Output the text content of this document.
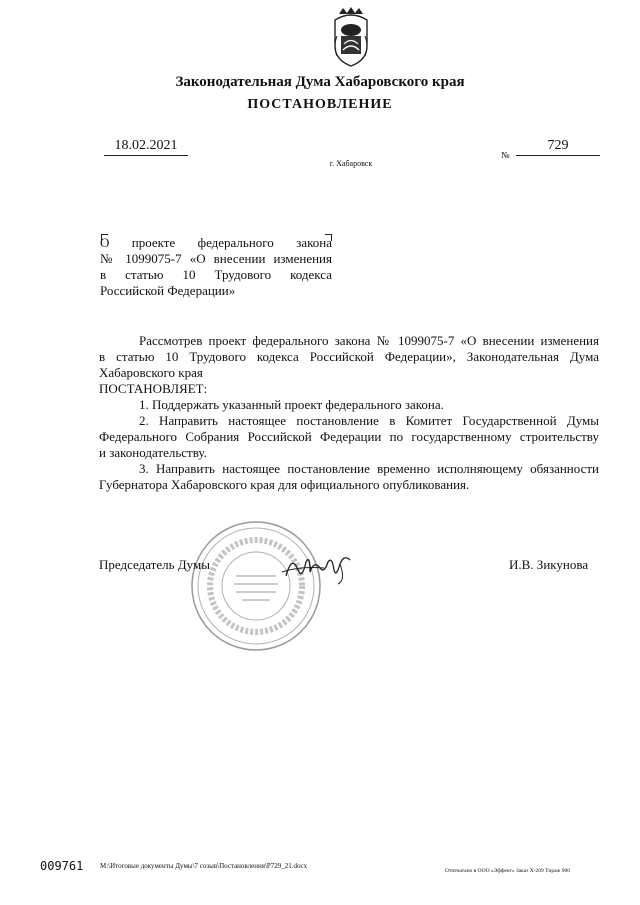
Законодательная Дума Хабаровского края
ПОСТАНОВЛЕНИЕ
18.02.2021
№
729
г. Хабаровск
О проекте федерального закона
№ 1099075-7 «О внесении изменения
в статью 10 Трудового кодекса
Российской Федерации»
Рассмотрев проект федерального закона № 1099075-7 «О внесении изменения
в статью 10 Трудового кодекса Российской Федерации», Законодательная Дума
Хабаровского края
ПОСТАНОВЛЯЕТ:
1. Поддержать указанный проект федерального закона.
2. Направить настоящее постановление в Комитет Государственной Думы
Федерального Собрания Российской Федерации по государственному строительству
и законодательству.
3. Направить настоящее постановление временно исполняющему обязанности
Губернатора Хабаровского края для официального опубликования.
Председатель Думы	И.В. Зикунова
009761 M:\Итоговые документы Думы\7 созыв\Постановления\P729_21.docx
Отпечатано в ООО «Эффект» Заказ Х-209 Тираж 900
